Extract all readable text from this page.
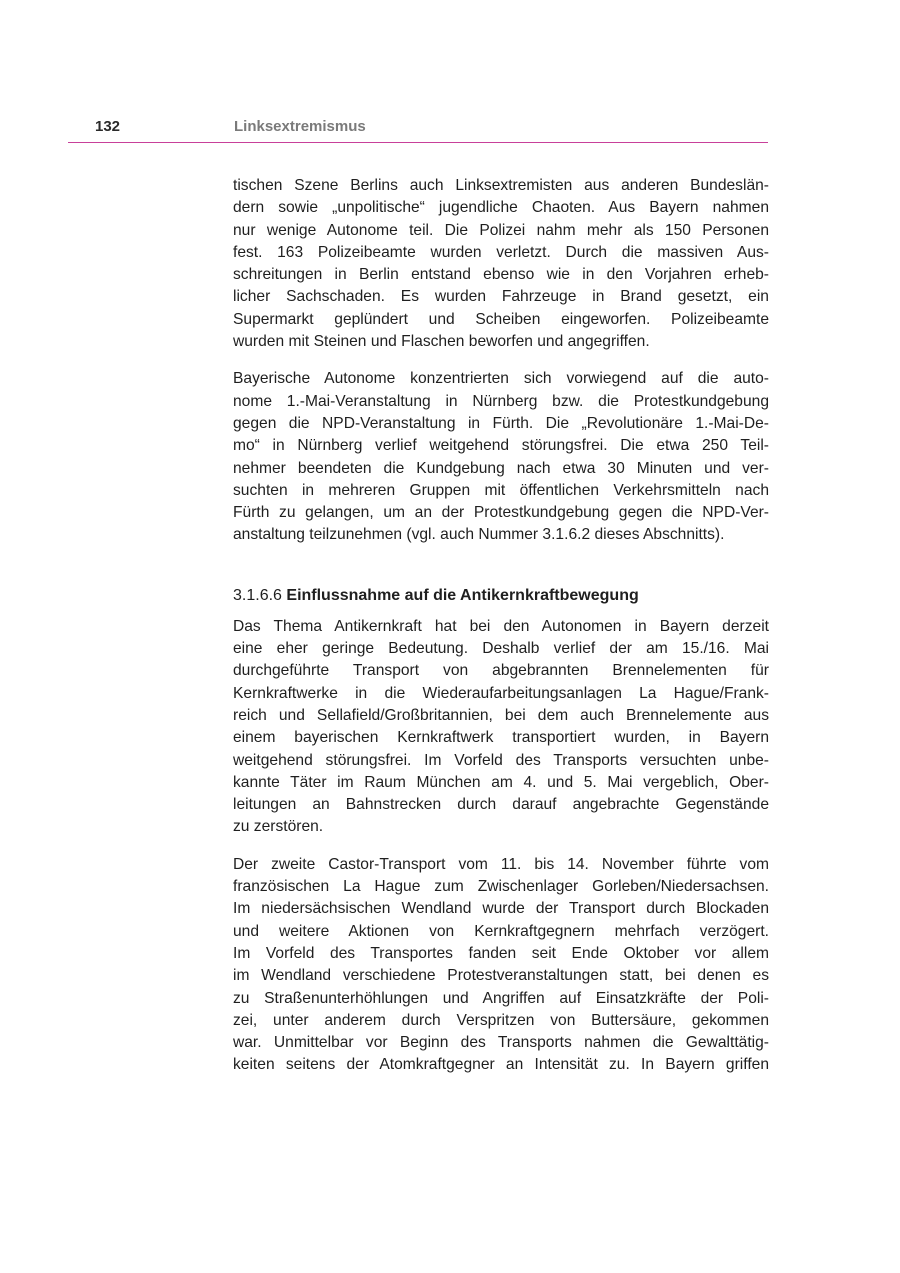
132	Linksextremismus

tischen Szene Berlins auch Linksextremisten aus anderen Bundeslän-
dern sowie „unpolitische“ jugendliche Chaoten. Aus Bayern nahmen
nur wenige Autonome teil. Die Polizei nahm mehr als 150 Personen
fest. 163 Polizeibeamte wurden verletzt. Durch die massiven Aus-
schreitungen in Berlin entstand ebenso wie in den Vorjahren erheb-
licher Sachschaden. Es wurden Fahrzeuge in Brand gesetzt, ein
Supermarkt geplündert und Scheiben eingeworfen. Polizeibeamte
wurden mit Steinen und Flaschen beworfen und angegriffen.

Bayerische Autonome konzentrierten sich vorwiegend auf die auto-
nome 1.-Mai-Veranstaltung in Nürnberg bzw. die Protestkundgebung
gegen die NPD-Veranstaltung in Fürth. Die „Revolutionäre 1.-Mai-De-
mo“ in Nürnberg verlief weitgehend störungsfrei. Die etwa 250 Teil-
nehmer beendeten die Kundgebung nach etwa 30 Minuten und ver-
suchten in mehreren Gruppen mit öffentlichen Verkehrsmitteln nach
Fürth zu gelangen, um an der Protestkundgebung gegen die NPD-Ver-
anstaltung teilzunehmen (vgl. auch Nummer 3.1.6.2 dieses Abschnitts).

3.1.6.6 Einflussnahme auf die Antikernkraftbewegung

Das Thema Antikernkraft hat bei den Autonomen in Bayern derzeit
eine eher geringe Bedeutung. Deshalb verlief der am 15./16. Mai
durchgeführte Transport von abgebrannten Brennelementen für
Kernkraftwerke in die Wiederaufarbeitungsanlagen La Hague/Frank-
reich und Sellafield/Großbritannien, bei dem auch Brennelemente aus
einem bayerischen Kernkraftwerk transportiert wurden, in Bayern
weitgehend störungsfrei. Im Vorfeld des Transports versuchten unbe-
kannte Täter im Raum München am 4. und 5. Mai vergeblich, Ober-
leitungen an Bahnstrecken durch darauf angebrachte Gegenstände
zu zerstören.

Der zweite Castor-Transport vom 11. bis 14. November führte vom
französischen La Hague zum Zwischenlager Gorleben/Niedersachsen.
Im niedersächsischen Wendland wurde der Transport durch Blockaden
und weitere Aktionen von Kernkraftgegnern mehrfach verzögert.
Im Vorfeld des Transportes fanden seit Ende Oktober vor allem
im Wendland verschiedene Protestveranstaltungen statt, bei denen es
zu Straßenunterhöhlungen und Angriffen auf Einsatzkräfte der Poli-
zei, unter anderem durch Verspritzen von Buttersäure, gekommen
war. Unmittelbar vor Beginn des Transports nahmen die Gewalttätig-
keiten seitens der Atomkraftgegner an Intensität zu. In Bayern griffen
